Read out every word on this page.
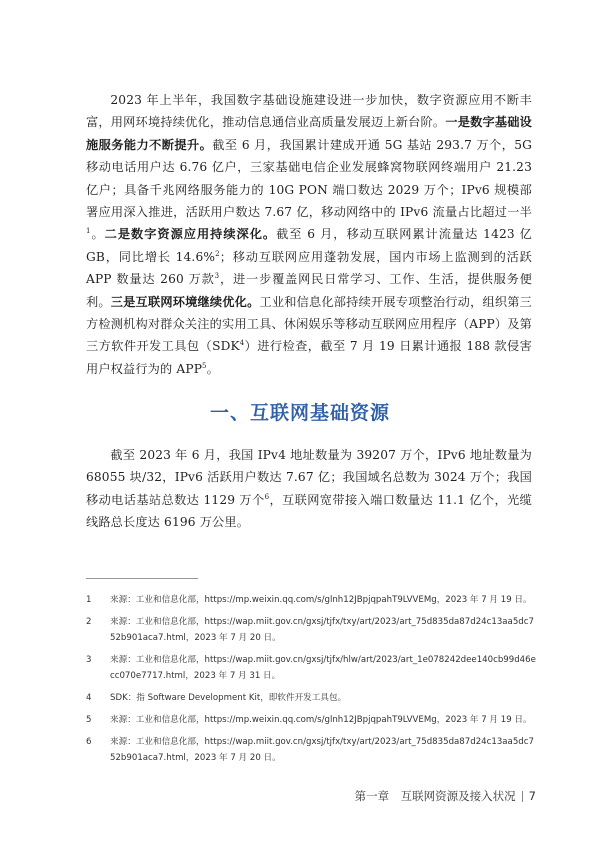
2023 年上半年，我国数字基础设施建设进一步加快，数字资源应用不断丰富，用网环境持续优化，推动信息通信业高质量发展迈上新台阶。一是数字基础设施服务能力不断提升。截至 6 月，我国累计建成开通 5G 基站 293.7 万个，5G 移动电话用户达 6.76 亿户，三家基础电信企业发展蜂窝物联网终端用户 21.23 亿户；具备千兆网络服务能力的 10G PON 端口数达 2029 万个；IPv6 规模部署应用深入推进，活跃用户数达 7.67 亿，移动网络中的 IPv6 流量占比超过一半$^1$。二是数字资源应用持续深化。截至 6 月，移动互联网累计流量达 1423 亿 GB，同比增长 14.6%$^2$；移动互联网应用蓬勃发展，国内市场上监测到的活跃 APP 数量达 260 万款$^3$，进一步覆盖网民日常学习、工作、生活，提供服务便利。三是互联网环境继续优化。工业和信息化部持续开展专项整治行动，组织第三方检测机构对群众关注的实用工具、休闲娱乐等移动互联网应用程序（APP）及第三方软件开发工具包（SDK$^4$）进行检查，截至 7 月 19 日累计通报 188 款侵害用户权益行为的 APP$^5$。

一、互联网基础资源

截至 2023 年 6 月，我国 IPv4 地址数量为 39207 万个，IPv6 地址数量为 68055 块/32，IPv6 活跃用户数达 7.67 亿；我国域名总数为 3024 万个；我国移动电话基站总数达 1129 万个$^6$，互联网宽带接入端口数量达 11.1 亿个，光缆线路总长度达 6196 万公里。

1	来源：工业和信息化部，https://mp.weixin.qq.com/s/glnh12JBpjqpahT9LVVEMg，2023 年 7 月 19 日。
2	来源：工业和信息化部，https://wap.miit.gov.cn/gxsj/tjfx/txy/art/2023/art_75d835da87d24c13aa5dc752b901aca7.html，2023 年 7 月 20 日。
3	来源：工业和信息化部，https://wap.miit.gov.cn/gxsj/tjfx/hlw/art/2023/art_1e078242dee140cb99d46ecc070e7717.html，2023 年 7 月 31 日。
4	SDK：指 Software Development Kit，即软件开发工具包。
5	来源：工业和信息化部，https://mp.weixin.qq.com/s/glnh12JBpjqpahT9LVVEMg，2023 年 7 月 19 日。
6	来源：工业和信息化部，https://wap.miit.gov.cn/gxsj/tjfx/txy/art/2023/art_75d835da87d24c13aa5dc752b901aca7.html，2023 年 7 月 20 日。
第一章　互联网资源及接入状况 7
